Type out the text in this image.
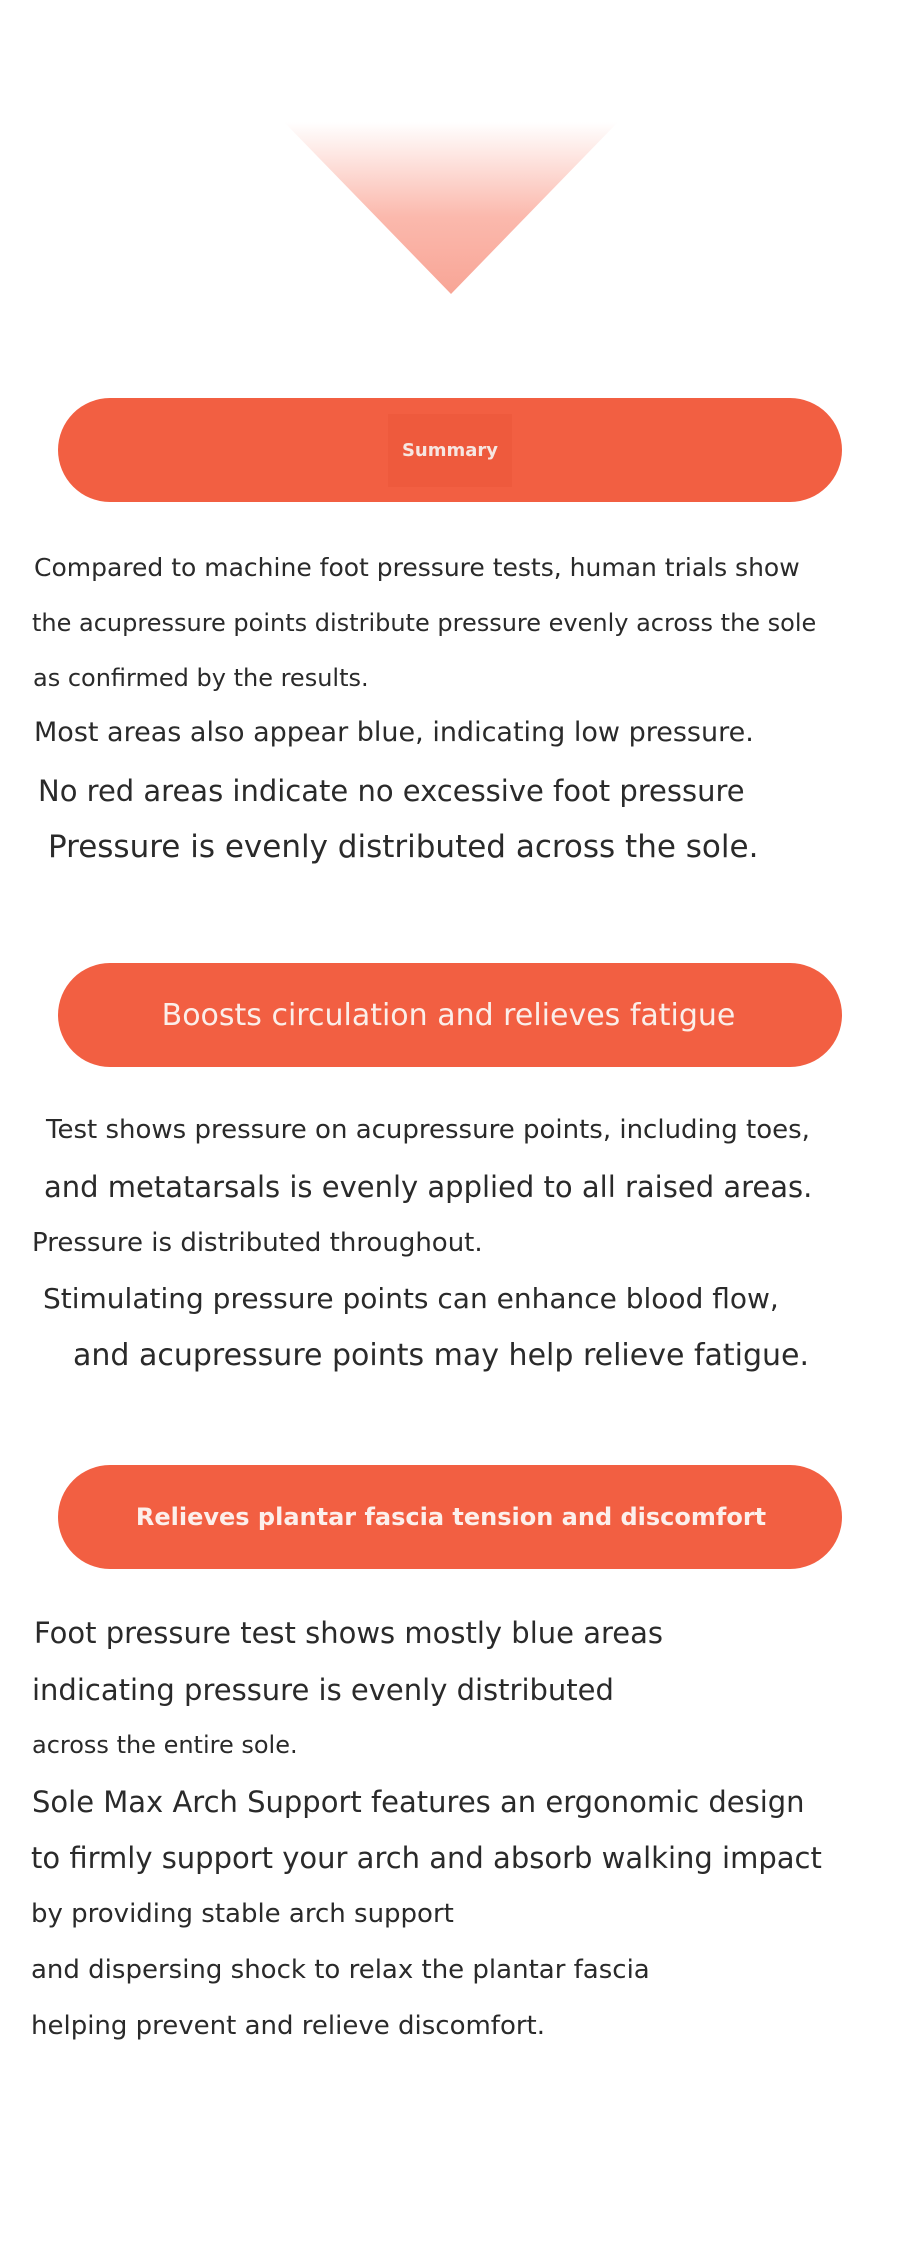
Summary
Compared to machine foot pressure tests, human trials show
the acupressure points distribute pressure evenly across the sole
as confirmed by the results.
Most areas also appear blue, indicating low pressure.
No red areas indicate no excessive foot pressure
Pressure is evenly distributed across the sole.
Boosts circulation and relieves fatigue
Test shows pressure on acupressure points, including toes,
and metatarsals is evenly applied to all raised areas.
Pressure is distributed throughout.
Stimulating pressure points can enhance blood flow,
and acupressure points may help relieve fatigue.
Relieves plantar fascia tension and discomfort
Foot pressure test shows mostly blue areas
indicating pressure is evenly distributed
across the entire sole.
Sole Max Arch Support features an ergonomic design
to firmly support your arch and absorb walking impact
by providing stable arch support
and dispersing shock to relax the plantar fascia
helping prevent and relieve discomfort.
